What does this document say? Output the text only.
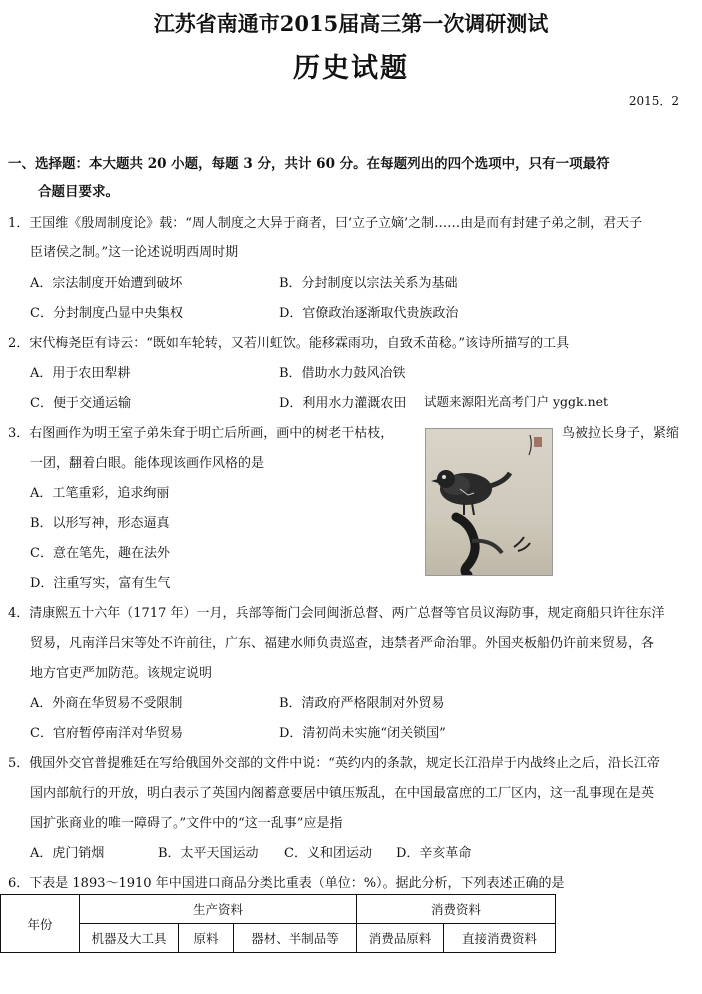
江苏省南通市2015届高三第一次调研测试
历史试题
2015．2
一、选择题：本大题共 20 小题，每题 3 分，共计 60 分。在每题列出的四个选项中，只有一项最符
合题目要求。
1．王国维《殷周制度论》载：“周人制度之大异于商者，曰‘立子立嫡’之制……由是而有封建子弟之制，君天子
臣诸侯之制。”这一论述说明西周时期
A．宗法制度开始遭到破坏	B．分封制度以宗法关系为基础
C．分封制度凸显中央集权	D．官僚政治逐渐取代贵族政治
2．宋代梅尧臣有诗云：“既如车轮转，又若川虹饮。能移霖雨功，自致禾苗稔。”该诗所描写的工具
A．用于农田犁耕	B．借助水力鼓风冶铁
C．便于交通运输	D．利用水力灌溉农田 试题来源阳光高考门户 yggk.net
3．右图画作为明王室子弟朱耷于明亡后所画，画中的树老干枯枝，	鸟被拉长身子，紧缩
一团，翻着白眼。能体现该画作风格的是
A．工笔重彩，追求绚丽
B．以形写神，形态逼真
C．意在笔先，趣在法外
D．注重写实，富有生气
4．清康熙五十六年（1717 年）一月，兵部等衙门会同闽浙总督、两广总督等官员议海防事，规定商船只许往东洋
贸易，凡南洋吕宋等处不许前往，广东、福建水师负责巡查，违禁者严命治罪。外国夹板船仍许前来贸易，各
地方官吏严加防范。该规定说明
A．外商在华贸易不受限制	B．清政府严格限制对外贸易
C．官府暂停南洋对华贸易	D．清初尚未实施“闭关锁国”
5．俄国外交官普提雅廷在写给俄国外交部的文件中说：“英约内的条款，规定长江沿岸于内战终止之后，沿长江帝
国内部航行的开放，明白表示了英国内阁蓄意要居中镇压叛乱，在中国最富庶的工厂区内，这一乱事现在是英
国扩张商业的唯一障碍了。”文件中的“这一乱事”应是指
A．虎门销烟	B．太平天国运动 C．义和团运动 D．辛亥革命
6．下表是 1893～1910 年中国进口商品分类比重表（单位：%）。据此分析，下列表述正确的是
年份	生产资料			消费资料	
	机器及大工具	原料	器材、半制品等	消费品原料	直接消费资料
